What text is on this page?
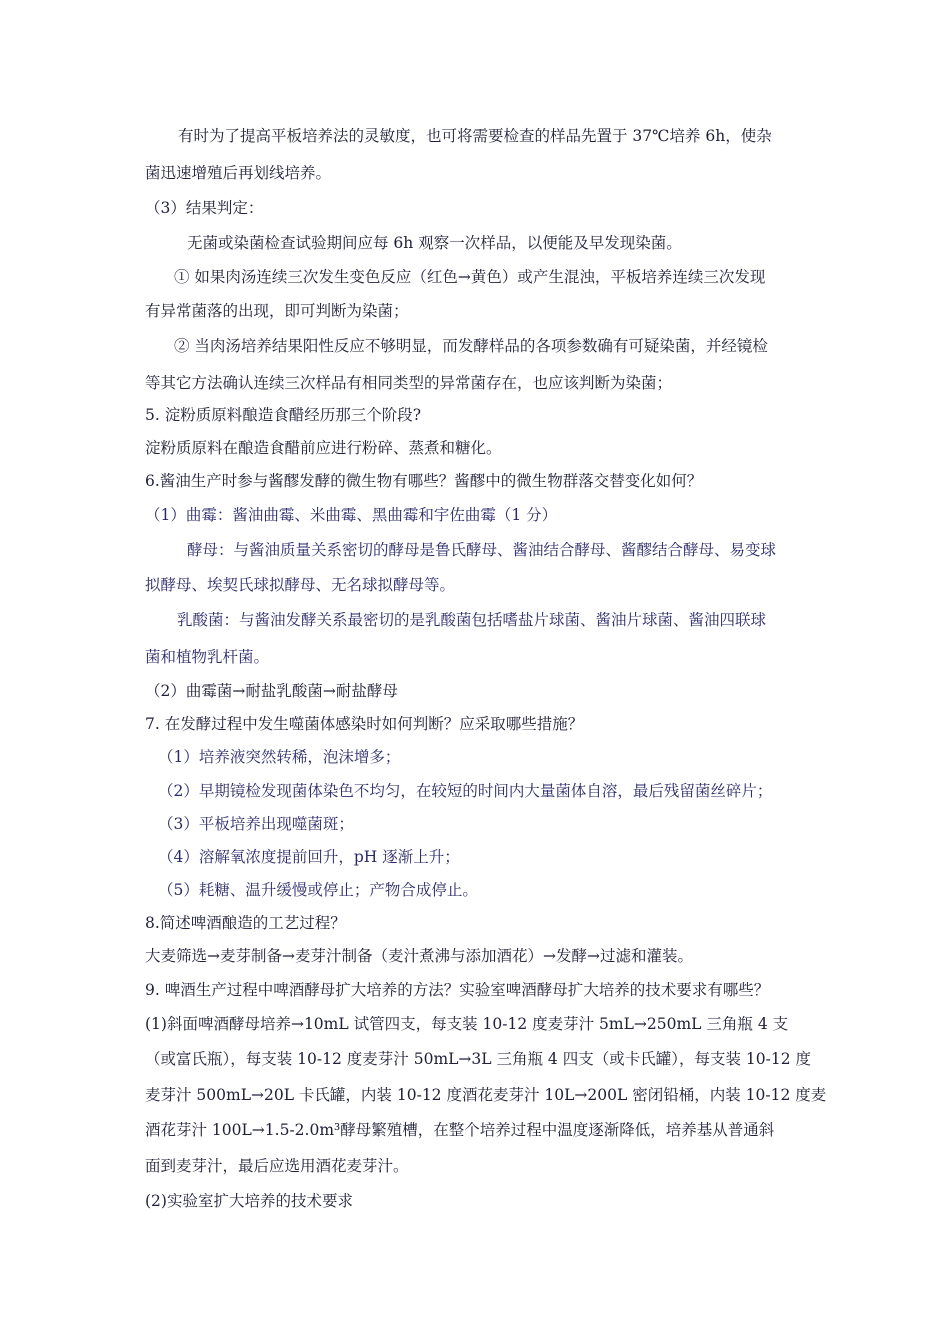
有时为了提高平板培养法的灵敏度，也可将需要检查的样品先置于 37℃培养 6h，使杂
菌迅速增殖后再划线培养。
（3）结果判定：
无菌或染菌检查试验期间应每 6h 观察一次样品，以便能及早发现染菌。
① 如果肉汤连续三次发生变色反应（红色→黄色）或产生混浊，平板培养连续三次发现
有异常菌落的出现，即可判断为染菌；
② 当肉汤培养结果阳性反应不够明显，而发酵样品的各项参数确有可疑染菌，并经镜检
等其它方法确认连续三次样品有相同类型的异常菌存在，也应该判断为染菌；
5. 淀粉质原料酿造食醋经历那三个阶段?
淀粉质原料在酿造食醋前应进行粉碎、蒸煮和糖化。
6.酱油生产时参与酱醪发酵的微生物有哪些？酱醪中的微生物群落交替变化如何？
（1）曲霉：酱油曲霉、米曲霉、黑曲霉和宇佐曲霉（1 分）
酵母：与酱油质量关系密切的酵母是鲁氏酵母、酱油结合酵母、酱醪结合酵母、易变球
拟酵母、埃契氏球拟酵母、无名球拟酵母等。
乳酸菌：与酱油发酵关系最密切的是乳酸菌包括嗜盐片球菌、酱油片球菌、酱油四联球
菌和植物乳杆菌。
（2）曲霉菌→耐盐乳酸菌→耐盐酵母
7. 在发酵过程中发生噬菌体感染时如何判断？应采取哪些措施？
（1）培养液突然转稀，泡沫增多；
（2）早期镜检发现菌体染色不均匀，在较短的时间内大量菌体自溶，最后残留菌丝碎片；
（3）平板培养出现噬菌斑；
（4）溶解氧浓度提前回升，pH 逐渐上升；
（5）耗糖、温升缓慢或停止；产物合成停止。
8.简述啤酒酿造的工艺过程？
大麦筛选→麦芽制备→麦芽汁制备（麦汁煮沸与添加酒花）→发酵→过滤和灌装。
9. 啤酒生产过程中啤酒酵母扩大培养的方法？实验室啤酒酵母扩大培养的技术要求有哪些？
(1)斜面啤酒酵母培养→10mL 试管四支，每支装 10-12 度麦芽汁 5mL→250mL 三角瓶 4 支
（或富氏瓶），每支装 10-12 度麦芽汁 50mL→3L 三角瓶 4 四支（或卡氏罐），每支装 10-12 度
麦芽汁 500mL→20L 卡氏罐，内装 10-12 度酒花麦芽汁 10L→200L 密闭铅桶，内装 10-12 度麦
酒花芽汁 100L→1.5-2.0m³酵母繁殖槽，在整个培养过程中温度逐渐降低，培养基从普通斜
面到麦芽汁，最后应选用酒花麦芽汁。
(2)实验室扩大培养的技术要求
